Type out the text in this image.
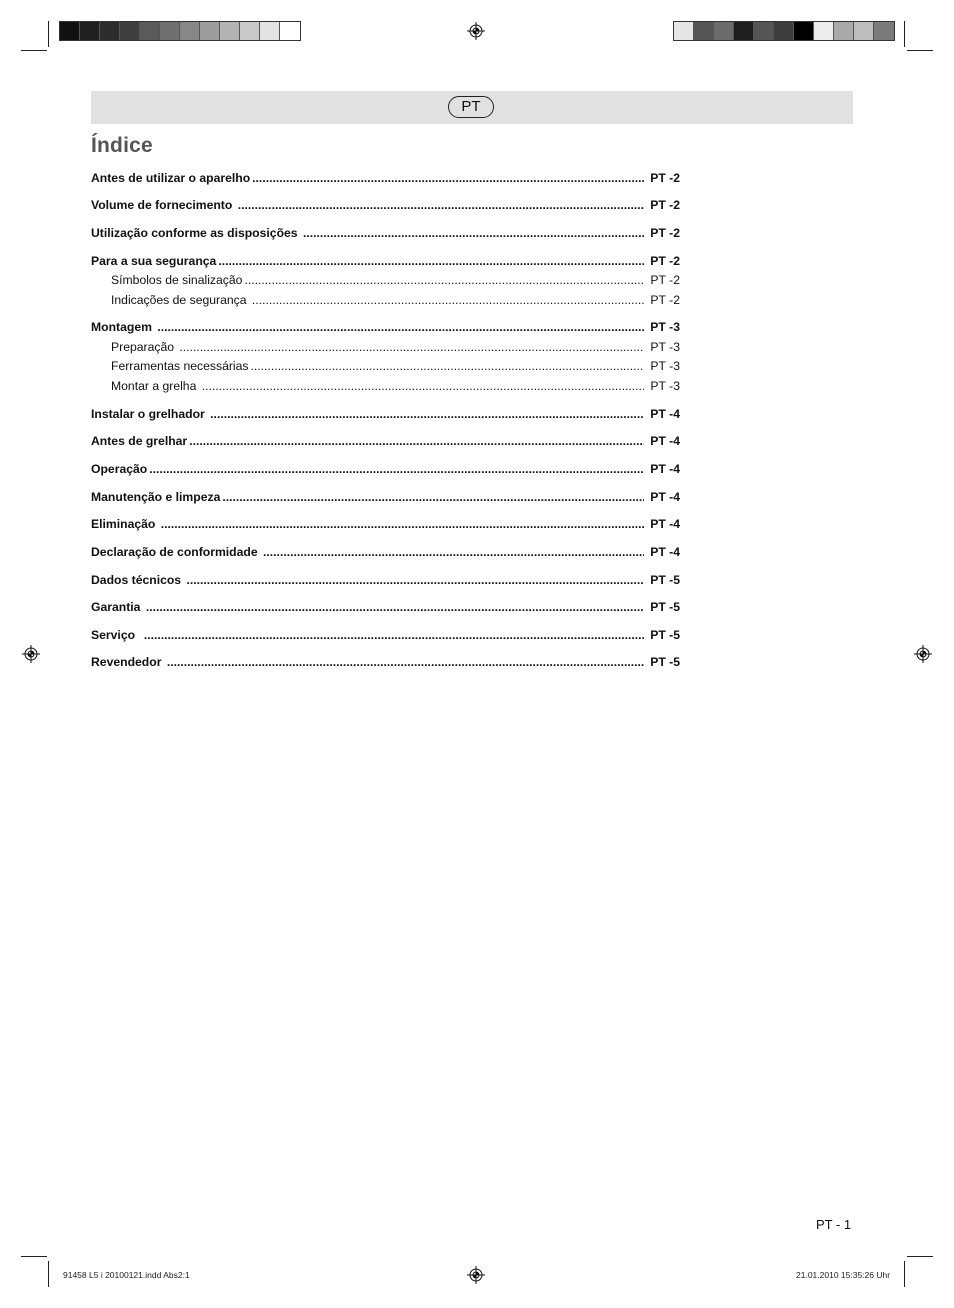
PT
Índice
Antes de utilizar o aparelho .....	PT -2
Volume de fornecimento .....	PT -2
Utilização conforme as disposições .....	PT -2
Para a sua segurança .....	PT -2
Símbolos de sinalização .....	PT -2
Indicações de segurança .....	PT -2
Montagem .....	PT -3
Preparação .....	PT -3
Ferramentas necessárias .....	PT -3
Montar a grelha .....	PT -3
Instalar o grelhador .....	PT -4
Antes de grelhar .....	PT -4
Operação .....	PT -4
Manutenção e limpeza .....	PT -4
Eliminação .....	PT -4
Declaração de conformidade .....	PT -4
Dados técnicos .....	PT -5
Garantia .....	PT -5
Serviço .....	PT -5
Revendedor .....	PT -5
PT - 1
91458 L5 i 20100121.indd Abs2:1	21.01.2010 15:35:26 Uhr
